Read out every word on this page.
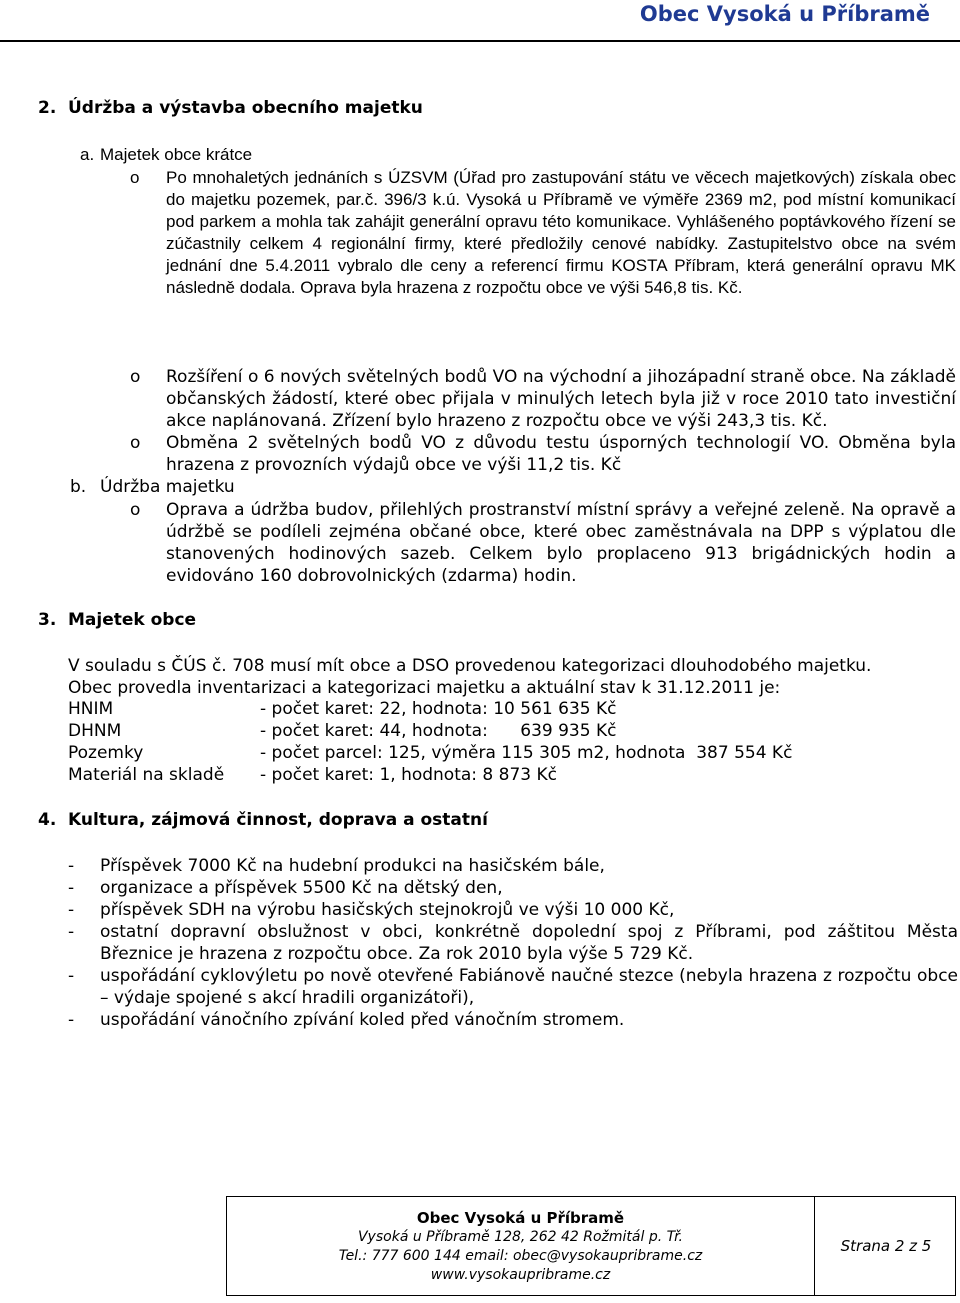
Obec Vysoká u Příbramě
2. Údržba a výstavba obecního majetku
a. Majetek obce krátce
o Po mnohaletých jednáních s ÚZSVM (Úřad pro zastupování státu ve věcech majetkových) získala obec do majetku pozemek, par.č. 396/3 k.ú. Vysoká u Příbramě ve výměře 2369 m2, pod místní komunikací pod parkem a mohla tak zahájit generální opravu této komunikace. Vyhlášeného poptávkového řízení se zúčastnily celkem 4 regionální firmy, které předložily cenové nabídky. Zastupitelstvo obce na svém jednání dne 5.4.2011 vybralo dle ceny a referencí firmu KOSTA Příbram, která generální opravu MK následně dodala. Oprava byla hrazena z rozpočtu obce ve výši 546,8 tis. Kč.
o Rozšíření o 6 nových světelných bodů VO na východní a jihozápadní straně obce. Na základě občanských žádostí, které obec přijala v minulých letech byla již v roce 2010 tato investiční akce naplánovaná. Zřízení bylo hrazeno z rozpočtu obce ve výši 243,3 tis. Kč.
o Obměna 2 světelných bodů VO z důvodu testu úsporných technologií VO. Obměna byla hrazena z provozních výdajů obce ve výši 11,2 tis. Kč
b. Údržba majetku
o Oprava a údržba budov, přilehlých prostranství místní správy a veřejné zeleně. Na opravě a údržbě se podíleli zejména občané obce, které obec zaměstnávala na DPP s výplatou dle stanovených hodinových sazeb. Celkem bylo proplaceno 913 brigádnických hodin a evidováno 160 dobrovolnických (zdarma) hodin.
3. Majetek obce
V souladu s ČÚS č. 708 musí mít obce a DSO provedenou kategorizaci dlouhodobého majetku.
Obec provedla inventarizaci a kategorizaci majetku a aktuální stav k 31.12.2011 je:
HNIM	- počet karet: 22, hodnota: 10 561 635 Kč
DHNM	- počet karet: 44, hodnota:      639 935 Kč
Pozemky	- počet parcel: 125, výměra 115 305 m2, hodnota  387 554 Kč
Materiál na skladě - počet karet: 1, hodnota: 8 873 Kč
4. Kultura, zájmová činnost, doprava a ostatní
- Příspěvek 7000 Kč na hudební produkci na hasičském bále,
- organizace a příspěvek 5500 Kč na dětský den,
- příspěvek SDH na výrobu hasičských stejnokrojů ve výši 10 000 Kč,
- ostatní dopravní obslužnost v obci, konkrétně dopolední spoj z Příbrami, pod záštitou Města Březnice je hrazena z rozpočtu obce. Za rok 2010 byla výše 5 729 Kč.
- uspořádání cyklovýletu po nově otevřené Fabiánově naučné stezce (nebyla hrazena z rozpočtu obce – výdaje spojené s akcí hradili organizátoři),
- uspořádání vánočního zpívání koled před vánočním stromem.
Obec Vysoká u Příbramě
Vysoká u Příbramě 128, 262 42 Rožmitál p. Tř.
Tel.: 777 600 144 email: obec@vysokaupribrame.cz
www.vysokaupribrame.cz
Strana 2 z 5
